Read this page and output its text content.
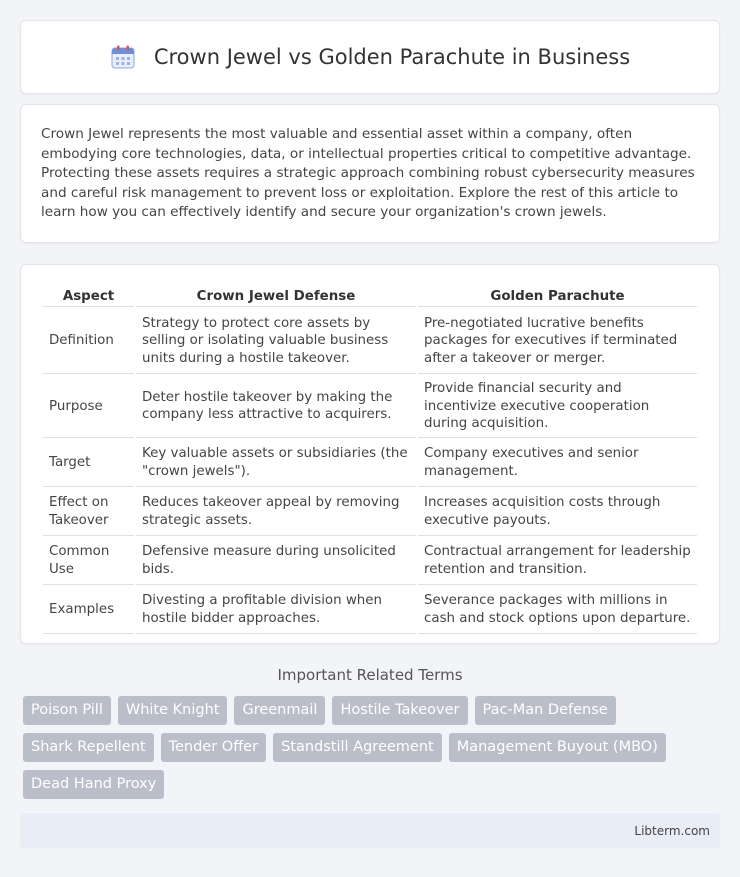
Crown Jewel vs Golden Parachute in Business

Crown Jewel represents the most valuable and essential asset within a company, often embodying core technologies, data, or intellectual properties critical to competitive advantage. Protecting these assets requires a strategic approach combining robust cybersecurity measures and careful risk management to prevent loss or exploitation. Explore the rest of this article to learn how you can effectively identify and secure your organization's crown jewels.

Aspect	Crown Jewel Defense	Golden Parachute
Definition	Strategy to protect core assets by selling or isolating valuable business units during a hostile takeover.	Pre-negotiated lucrative benefits packages for executives if terminated after a takeover or merger.
Purpose	Deter hostile takeover by making the company less attractive to acquirers.	Provide financial security and incentivize executive cooperation during acquisition.
Target	Key valuable assets or subsidiaries (the "crown jewels").	Company executives and senior management.
Effect on Takeover	Reduces takeover appeal by removing strategic assets.	Increases acquisition costs through executive payouts.
Common Use	Defensive measure during unsolicited bids.	Contractual arrangement for leadership retention and transition.
Examples	Divesting a profitable division when hostile bidder approaches.	Severance packages with millions in cash and stock options upon departure.
Important Related Terms
Poison Pill	White Knight	Greenmail	Hostile Takeover	Pac-Man Defense
Shark Repellent	Tender Offer	Standstill Agreement	Management Buyout (MBO)
Dead Hand Proxy
Libterm.com
